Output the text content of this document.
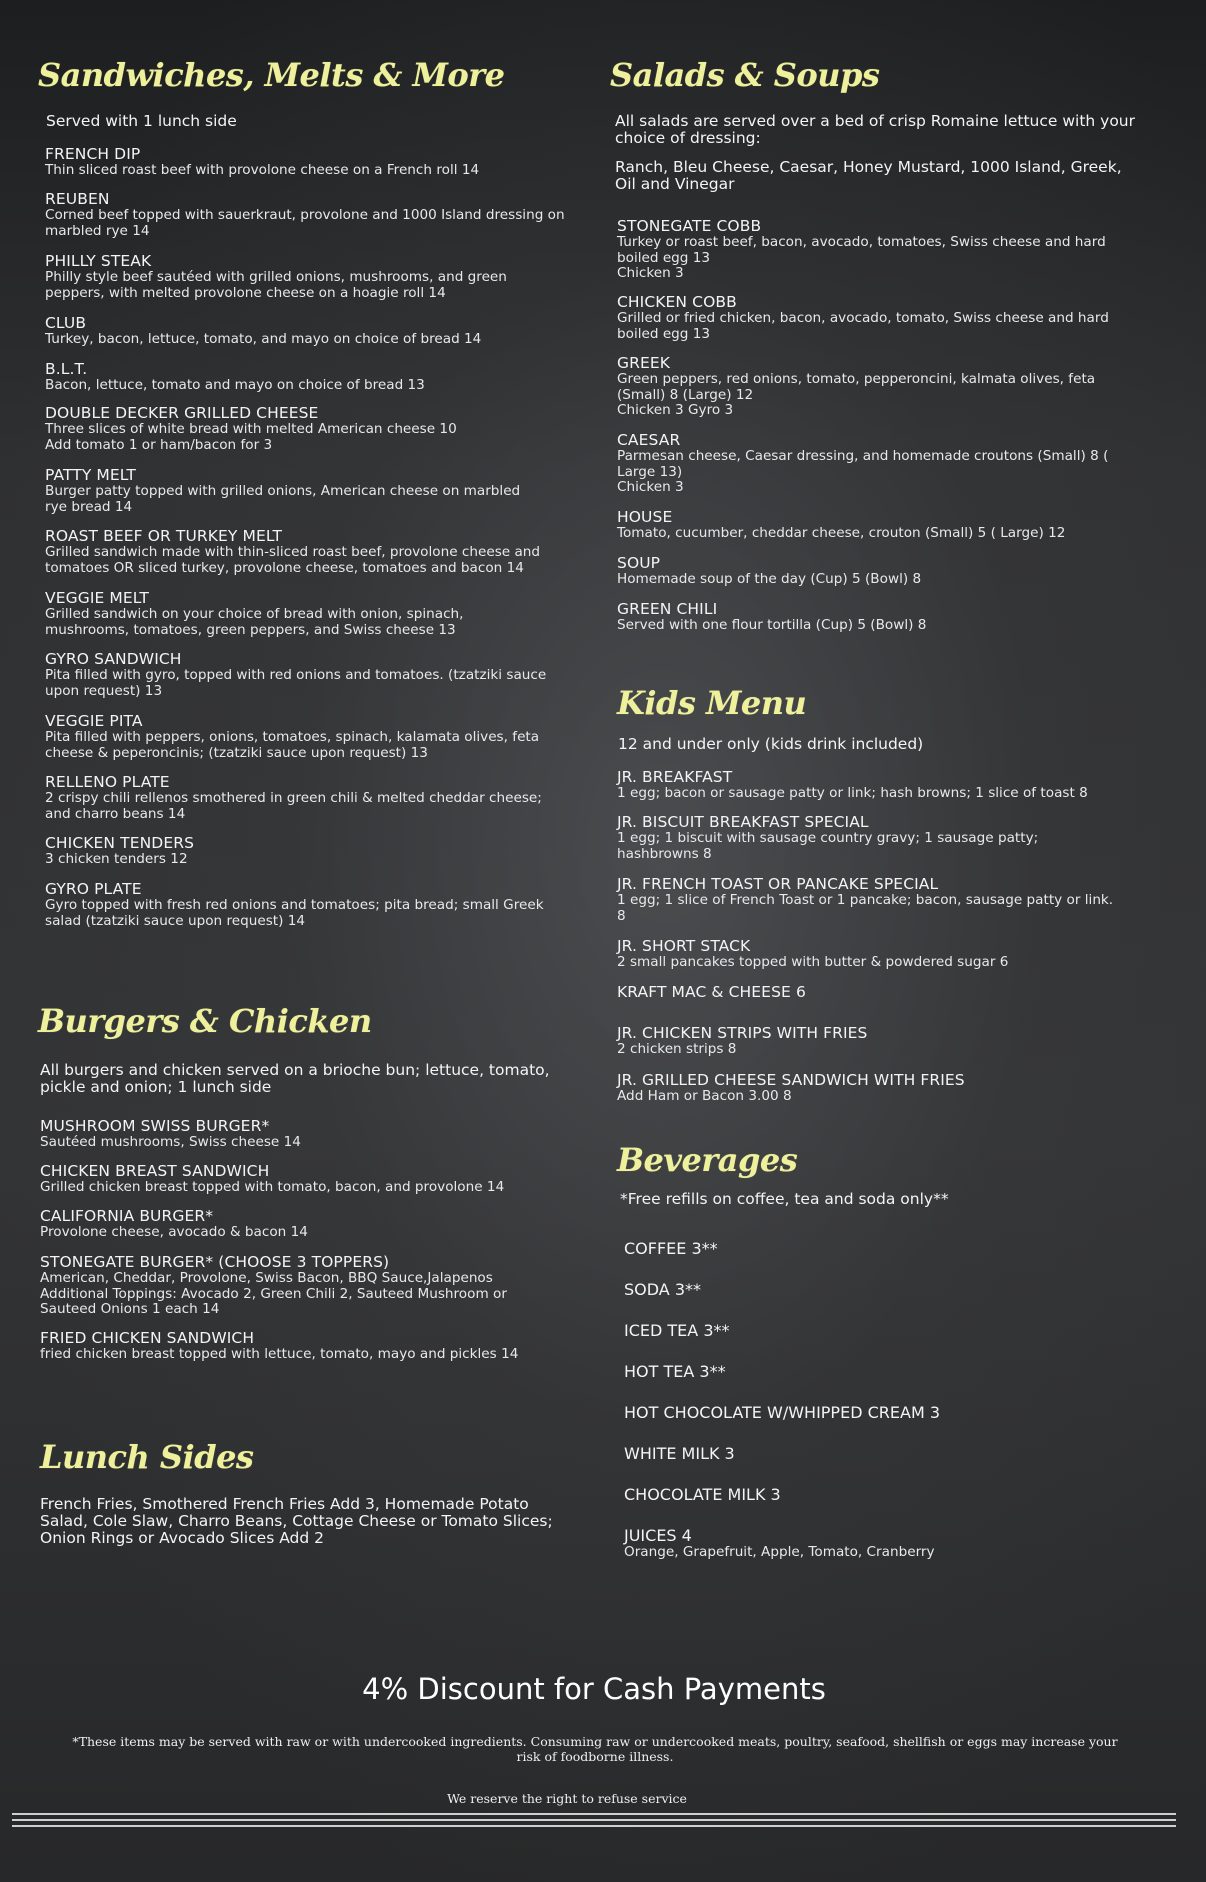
Sandwiches, Melts & More

Served with 1 lunch side

FRENCH DIP
Thin sliced roast beef with provolone cheese on a French roll 14
REUBEN
Corned beef topped with sauerkraut, provolone and 1000 Island dressing on marbled rye 14
PHILLY STEAK
Philly style beef sautéed with grilled onions, mushrooms, and green peppers, with melted provolone cheese on a hoagie roll 14
CLUB
Turkey, bacon, lettuce, tomato, and mayo on choice of bread 14
B.L.T.
Bacon, lettuce, tomato and mayo on choice of bread 13
DOUBLE DECKER GRILLED CHEESE
Three slices of white bread with melted American cheese 10
Add tomato 1 or ham/bacon for 3
PATTY MELT
Burger patty topped with grilled onions, American cheese on marbled rye bread 14
ROAST BEEF OR TURKEY MELT
Grilled sandwich made with thin-sliced roast beef, provolone cheese and tomatoes OR sliced turkey, provolone cheese, tomatoes and bacon 14
VEGGIE MELT
Grilled sandwich on your choice of bread with onion, spinach, mushrooms, tomatoes, green peppers, and Swiss cheese 13
GYRO SANDWICH
Pita filled with gyro, topped with red onions and tomatoes. (tzatziki sauce upon request) 13
VEGGIE PITA
Pita filled with peppers, onions, tomatoes, spinach, kalamata olives, feta cheese & peperoncinis; (tzatziki sauce upon request) 13
RELLENO PLATE
2 crispy chili rellenos smothered in green chili & melted cheddar cheese; and charro beans 14
CHICKEN TENDERS
3 chicken tenders 12
GYRO PLATE
Gyro topped with fresh red onions and tomatoes; pita bread; small Greek salad (tzatziki sauce upon request) 14
Burgers & Chicken

All burgers and chicken served on a brioche bun; lettuce, tomato, pickle and onion; 1 lunch side

MUSHROOM SWISS BURGER*
Sautéed mushrooms, Swiss cheese 14
CHICKEN BREAST SANDWICH
Grilled chicken breast topped with tomato, bacon, and provolone 14
CALIFORNIA BURGER*
Provolone cheese, avocado & bacon 14
STONEGATE BURGER* (CHOOSE 3 TOPPERS)
American, Cheddar, Provolone, Swiss Bacon, BBQ Sauce,Jalapenos
Additional Toppings: Avocado 2, Green Chili 2, Sauteed Mushroom or Sauteed Onions 1 each 14
FRIED CHICKEN SANDWICH
fried chicken breast topped with lettuce, tomato, mayo and pickles 14
Lunch Sides

French Fries, Smothered French Fries Add 3, Homemade Potato Salad, Cole Slaw, Charro Beans, Cottage Cheese or Tomato Slices; Onion Rings or Avocado Slices Add 2

Salads & Soups

All salads are served over a bed of crisp Romaine lettuce with your choice of dressing:

Ranch, Bleu Cheese, Caesar, Honey Mustard, 1000 Island, Greek, Oil and Vinegar

STONEGATE COBB
Turkey or roast beef, bacon, avocado, tomatoes, Swiss cheese and hard boiled egg 13
Chicken 3
CHICKEN COBB
Grilled or fried chicken, bacon, avocado, tomato, Swiss cheese and hard boiled egg 13
GREEK
Green peppers, red onions, tomato, pepperoncini, kalmata olives, feta (Small) 8 (Large) 12
Chicken 3 Gyro 3
CAESAR
Parmesan cheese, Caesar dressing, and homemade croutons (Small) 8 ( Large 13)
Chicken 3
HOUSE
Tomato, cucumber, cheddar cheese, crouton (Small) 5 ( Large) 12
SOUP
Homemade soup of the day (Cup) 5 (Bowl) 8
GREEN CHILI
Served with one flour tortilla (Cup) 5 (Bowl) 8
Kids Menu

12 and under only (kids drink included)

JR. BREAKFAST
1 egg; bacon or sausage patty or link; hash browns; 1 slice of toast 8
JR. BISCUIT BREAKFAST SPECIAL
1 egg; 1 biscuit with sausage country gravy; 1 sausage patty; hashbrowns 8
JR. FRENCH TOAST OR PANCAKE SPECIAL
1 egg; 1 slice of French Toast or 1 pancake; bacon, sausage patty or link. 8
JR. SHORT STACK
2 small pancakes topped with butter & powdered sugar 6
KRAFT MAC & CHEESE 6
JR. CHICKEN STRIPS WITH FRIES
2 chicken strips 8
JR. GRILLED CHEESE SANDWICH WITH FRIES
Add Ham or Bacon 3.00 8
Beverages

*Free refills on coffee, tea and soda only**

COFFEE 3**
SODA 3**
ICED TEA 3**
HOT TEA 3**
HOT CHOCOLATE W/WHIPPED CREAM 3
WHITE MILK 3
CHOCOLATE MILK 3
JUICES 4
Orange, Grapefruit, Apple, Tomato, Cranberry
4% Discount for Cash Payments
*These items may be served with raw or with undercooked ingredients. Consuming raw or undercooked meats, poultry, seafood, shellfish or eggs may increase your risk of foodborne illness.
We reserve the right to refuse service
